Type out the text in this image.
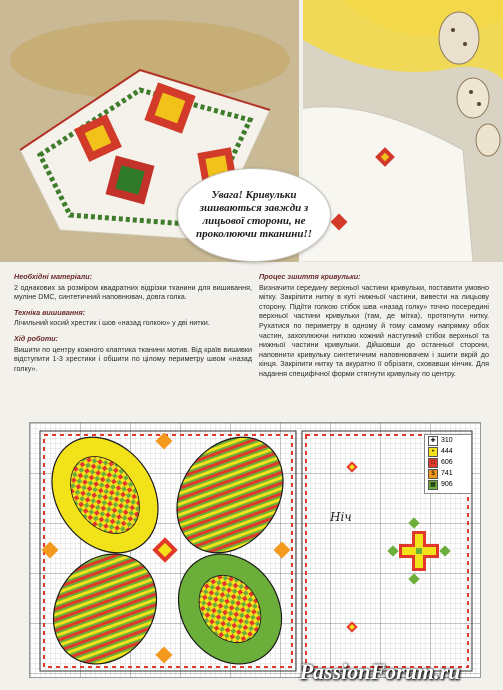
Увага! Кривульки зшиваються завжди з лицьової сторони, не проколюючи тканини!!
Необхідні матеріали:
2 однакових за розміром квадратних відрізки тканини для вишивання, муліне DMC, синтетичний наповнювач, довга голка.
Техніка вишивання:
Лічильний косий хрестик і шов «назад голкою» у дві нитки.
Хід роботи:
Вишити по центру кожного клаптика тканини мотив. Від країв вишивки відступити 1-3 хрестики і обшити по цілому периметру швом «назад голку».
Процес зшиття кривульки:
Визначити середину верхньої частини кривульки, поставити умовно мітку. Закріпити нитку в куті нижньої частини, вивести на лицьову сторону. Підіїти голкою стібок шва «назад голку» точно посередині верхньої частини кривульки (там, де мітка), протягнути нитку. Рухатися по периметру в одному й тому самому напрямку обох частин, захоплюючи ниткою кожний наступний стібок верхньої та нижньої частини кривульки. Дійшовши до останньої сторони, наповнити кривульку синтетичним наповнювачем і зшити вкрій до кінця. Закріпити нитку та акуратно її обрізати, сховавши кінчик. Для надання специфічної форми стягнути кривульку по центру.
Ніч
✚ 310
• 444
□ 606
$ 741
▦ 906
PassionForum.ru
